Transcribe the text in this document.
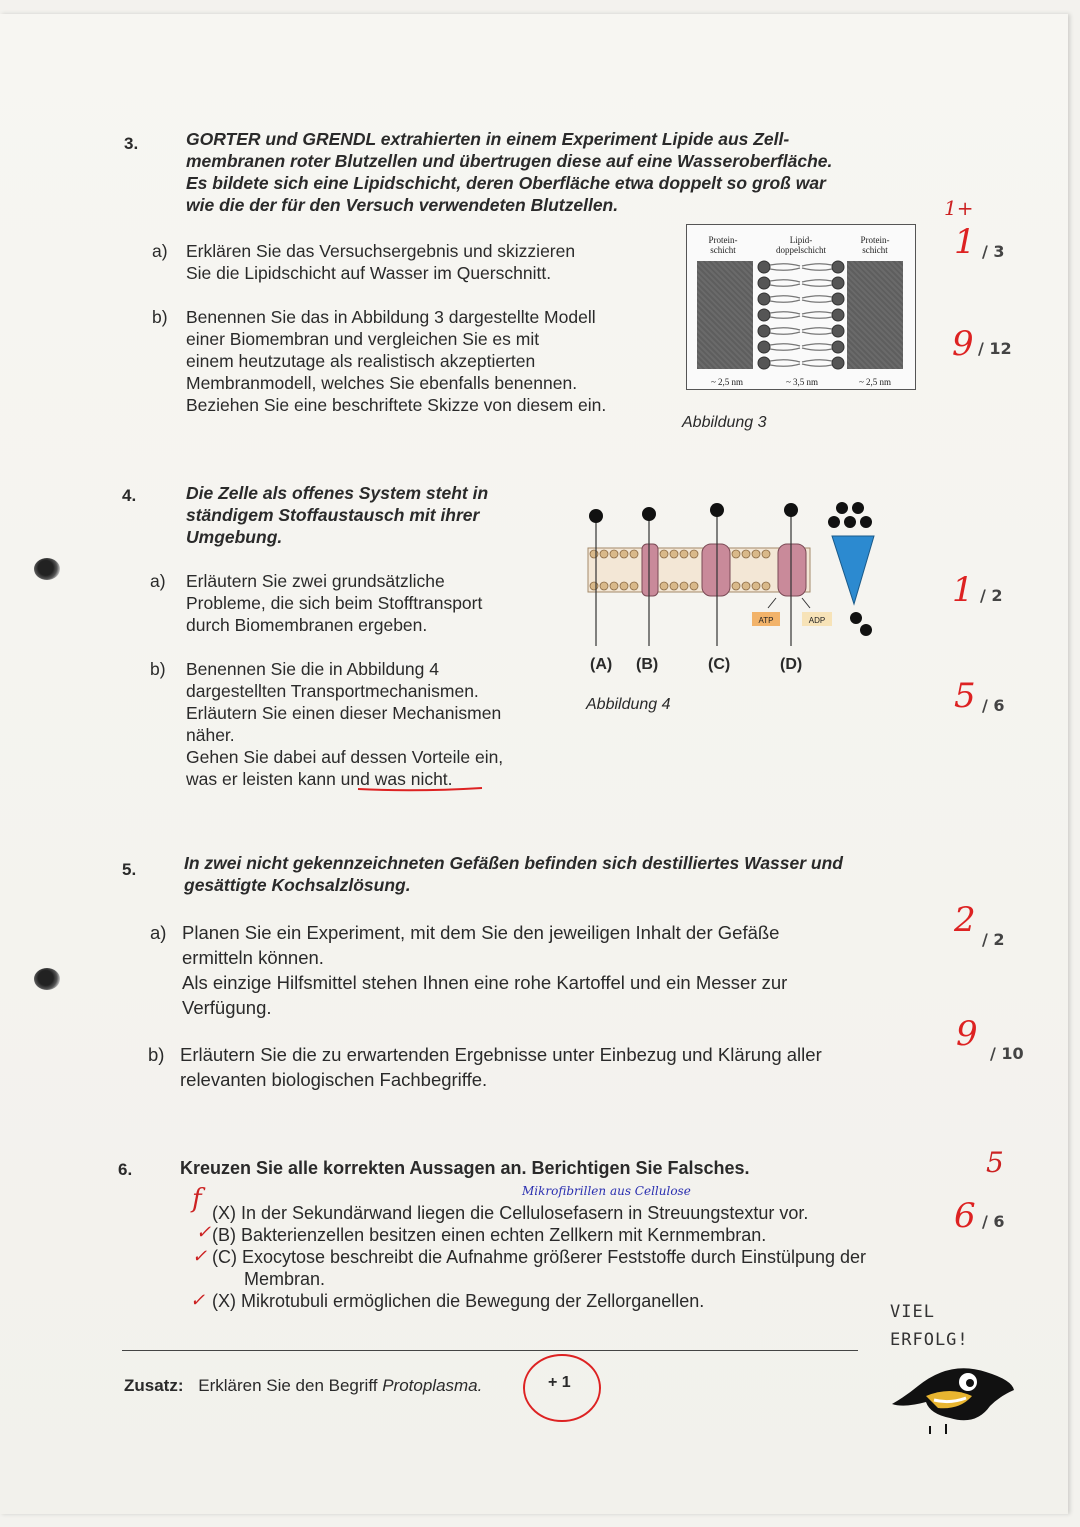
3.	GORTER und GRENDL extrahierten in einem Experiment Lipide aus Zell-
membranen roter Blutzellen und übertrugen diese auf eine Wasseroberfläche.
Es bildete sich eine Lipidschicht, deren Oberfläche etwa doppelt so groß war
wie die der für den Versuch verwendeten Blutzellen.
a) Erklären Sie das Versuchsergebnis und skizzieren
Sie die Lipidschicht auf Wasser im Querschnitt.
b) Benennen Sie das in Abbildung 3 dargestellte Modell
einer Biomembran und vergleichen Sie es mit
einem heutzutage als realistisch akzeptierten
Membranmodell, welches Sie ebenfalls benennen.
Beziehen Sie eine beschriftete Skizze von diesem ein.
Protein-
schicht
Lipid-
doppelschicht
Protein-
schicht
~ 2,5 nm	~ 3,5 nm	~ 2,5 nm
Abbildung 3
1+
1 / 3
9 / 12
4.	Die Zelle als offenes System steht in
ständigem Stoffaustausch mit ihrer
Umgebung.
a) Erläutern Sie zwei grundsätzliche
Probleme, die sich beim Stofftransport
durch Biomembranen ergeben.
b) Benennen Sie die in Abbildung 4
dargestellten Transportmechanismen.
Erläutern Sie einen dieser Mechanismen
näher.
Gehen Sie dabei auf dessen Vorteile ein,
was er leisten kann und was nicht.
ATP	ADP
(A) (B)	(C)	(D)
Abbildung 4
1 / 2
5 / 6
5.	In zwei nicht gekennzeichneten Gefäßen befinden sich destilliertes Wasser und
gesättigte Kochsalzlösung.
a) Planen Sie ein Experiment, mit dem Sie den jeweiligen Inhalt der Gefäße
ermitteln können.
Als einzige Hilfsmittel stehen Ihnen eine rohe Kartoffel und ein Messer zur
Verfügung.
b) Erläutern Sie die zu erwartenden Ergebnisse unter Einbezug und Klärung aller
relevanten biologischen Fachbegriffe.
2 / 2
9 / 10
6.	Kreuzen Sie alle korrekten Aussagen an. Berichtigen Sie Falsches.
Mikrofibrillen aus Cellulose
f (X) In der Sekundärwand liegen die Cellulosefasern in Streuungstextur vor.
(B) Bakterienzellen besitzen einen echten Zellkern mit Kernmembran.
(C) Exocytose beschreibt die Aufnahme größerer Feststoffe durch Einstülpung der
Membran.
(X) Mikrotubuli ermöglichen die Bewegung der Zellorganellen.
✓
✓
✓
5
6 / 6
VIEL
ERFOLG!
Zusatz: Erklären Sie den Begriff Protoplasma.	+ 1
